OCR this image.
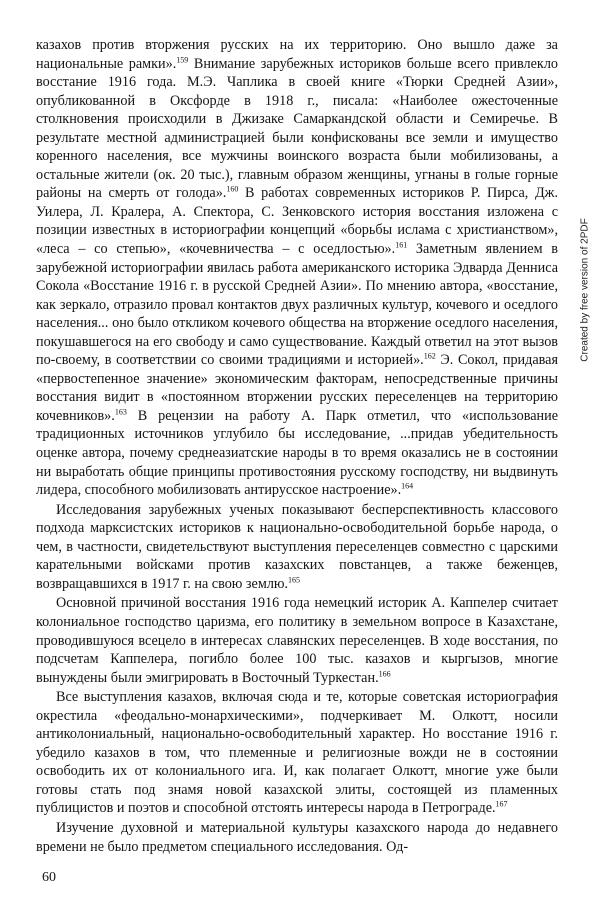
казахов против вторжения русских на их территорию. Оно вышло даже за национальные рамки».$^{159}$ Внимание зарубежных историков больше всего привлекло восстание 1916 года. М.Э. Чаплика в своей книге «Тюрки Средней Азии», опубликованной в Оксфорде в 1918 г., писала: «Наиболее ожесточенные столкновения происходили в Джизаке Самаркандской области и Семиречье. В результате местной администрацией были конфискованы все земли и имущество коренного населения, все мужчины воинского возраста были мобилизованы, а остальные жители (ок. 20 тыс.), главным образом женщины, угнаны в голые горные районы на смерть от голода».$^{160}$ В работах современных историков Р. Пирса, Дж. Уилера, Л. Кралера, А. Спектора, С. Зенковского история восстания изложена с позиции известных в историографии концепций «борьбы ислама с христианством», «леса – со степью», «кочевничества – с оседлостью».$^{161}$ Заметным явлением в зарубежной историографии явилась работа американского историка Эдварда Денниса Сокола «Восстание 1916 г. в русской Средней Азии». По мнению автора, «восстание, как зеркало, отразило провал контактов двух различных культур, кочевого и оседлого населения... оно было откликом кочевого общества на вторжение оседлого населения, покушавшегося на его свободу и само существование. Каждый ответил на этот вызов по-своему, в соответствии со своими традициями и историей».$^{162}$ Э. Сокол, придавая «первостепенное значение» экономическим факторам, непосредственные причины восстания видит в «постоянном вторжении русских переселенцев на территорию кочевников».$^{163}$ В рецензии на работу А. Парк отметил, что «использование традиционных источников углубило бы исследование, ...придав убедительность оценке автора, почему среднеазиатские народы в то время оказались не в состоянии ни выработать общие принципы противостояния русскому господству, ни выдвинуть лидера, способного мобилизовать антирусское настроение».$^{164}$

Исследования зарубежных ученых показывают бесперспективность классового подхода марксистских историков к национально-освободительной борьбе народа, о чем, в частности, свидетельствуют выступления переселенцев совместно с царскими карательными войсками против казахских повстанцев, а также беженцев, возвращавшихся в 1917 г. на свою землю.$^{165}$

Основной причиной восстания 1916 года немецкий историк А. Каппелер считает колониальное господство царизма, его политику в земельном вопросе в Казахстане, проводившуюся всецело в интересах славянских переселенцев. В ходе восстания, по подсчетам Каппелера, погибло более 100 тыс. казахов и кыргызов, многие вынуждены были эмигрировать в Восточный Туркестан.$^{166}$

Все выступления казахов, включая сюда и те, которые советская историография окрестила «феодально-монархическими», подчеркивает М. Олкотт, носили антиколониальный, национально-освободительный характер. Но восстание 1916 г. убедило казахов в том, что племенные и религиозные вожди не в состоянии освободить их от колониального ига. И, как полагает Олкотт, многие уже были готовы стать под знамя новой казахской элиты, состоящей из пламенных публицистов и поэтов и способной отстоять интересы народа в Петрограде.$^{167}$

Изучение духовной и материальной культуры казахского народа до недавнего времени не было предметом специального исследования. Од-

60
Created by free version of 2PDF
